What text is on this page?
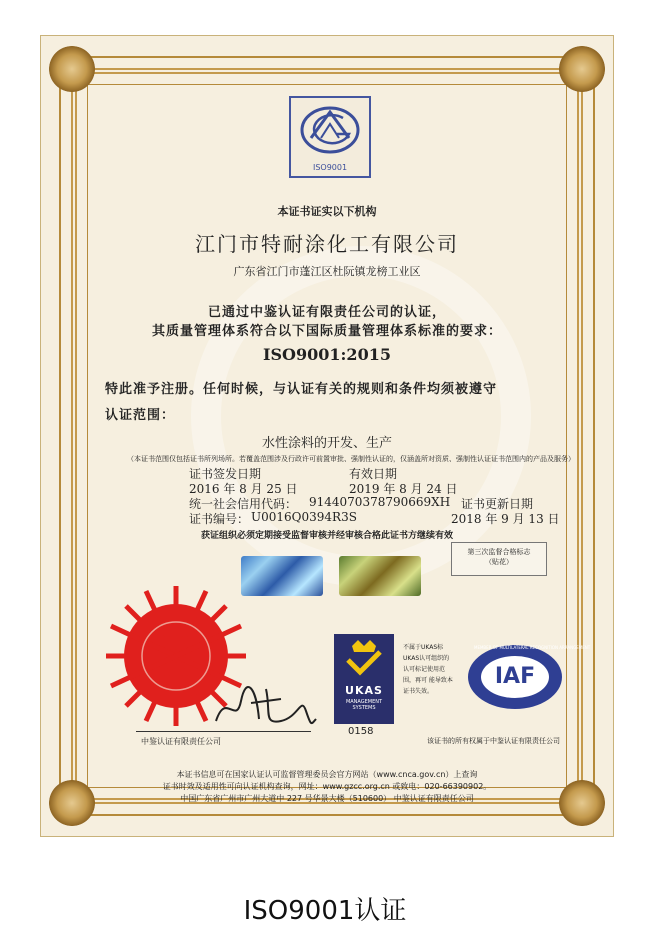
ISO9001
本证书证实以下机构
江门市特耐涂化工有限公司
广东省江门市蓬江区杜阮镇龙榜工业区
已通过中鉴认证有限责任公司的认证，
其质量管理体系符合以下国际质量管理体系标准的要求：
ISO9001:2015
特此准予注册。任何时候，与认证有关的规则和条件均须被遵守
认证范围：
水性涂料的开发、生产
（本证书范围仅包括证书所列场所。若覆盖范围涉及行政许可前置审批、强制性认证的，仅涵盖所对资质、强制性认证证书范围内的产品及服务）
证书签发日期	有效日期
2016 年 8 月 25 日	2019 年 8 月 24 日
统一社会信用代码： 9144070378790669XH 证书更新日期
证书编号： U0016Q0394R3S	2018 年 9 月 13 日
获证组织必须定期接受监督审核并经审核合格此证书方继续有效
第三次监督合格标志
（贴花）
中鉴认证有限责任公司
UKAS
MANAGEMENT SYSTEMS
0158
不属于UKAS标 UKAS认可组织的认可标记使用范围，再可 能导致本证书失效。
IAF
MEMBER OF MULTILATERAL RECOGNITION ARRANGEMENT
该证书的所有权属于中鉴认证有限责任公司
本证书信息可在国家认证认可监督管理委员会官方网站（www.cnca.gov.cn）上查询
证书时效及适用性可向认证机构查询，网址：www.gzcc.org.cn 或致电：020-66390902。
中国广东省广州市广州大道中 227 号华景大楼（510600） 中鉴认证有限责任公司
ISO9001认证
